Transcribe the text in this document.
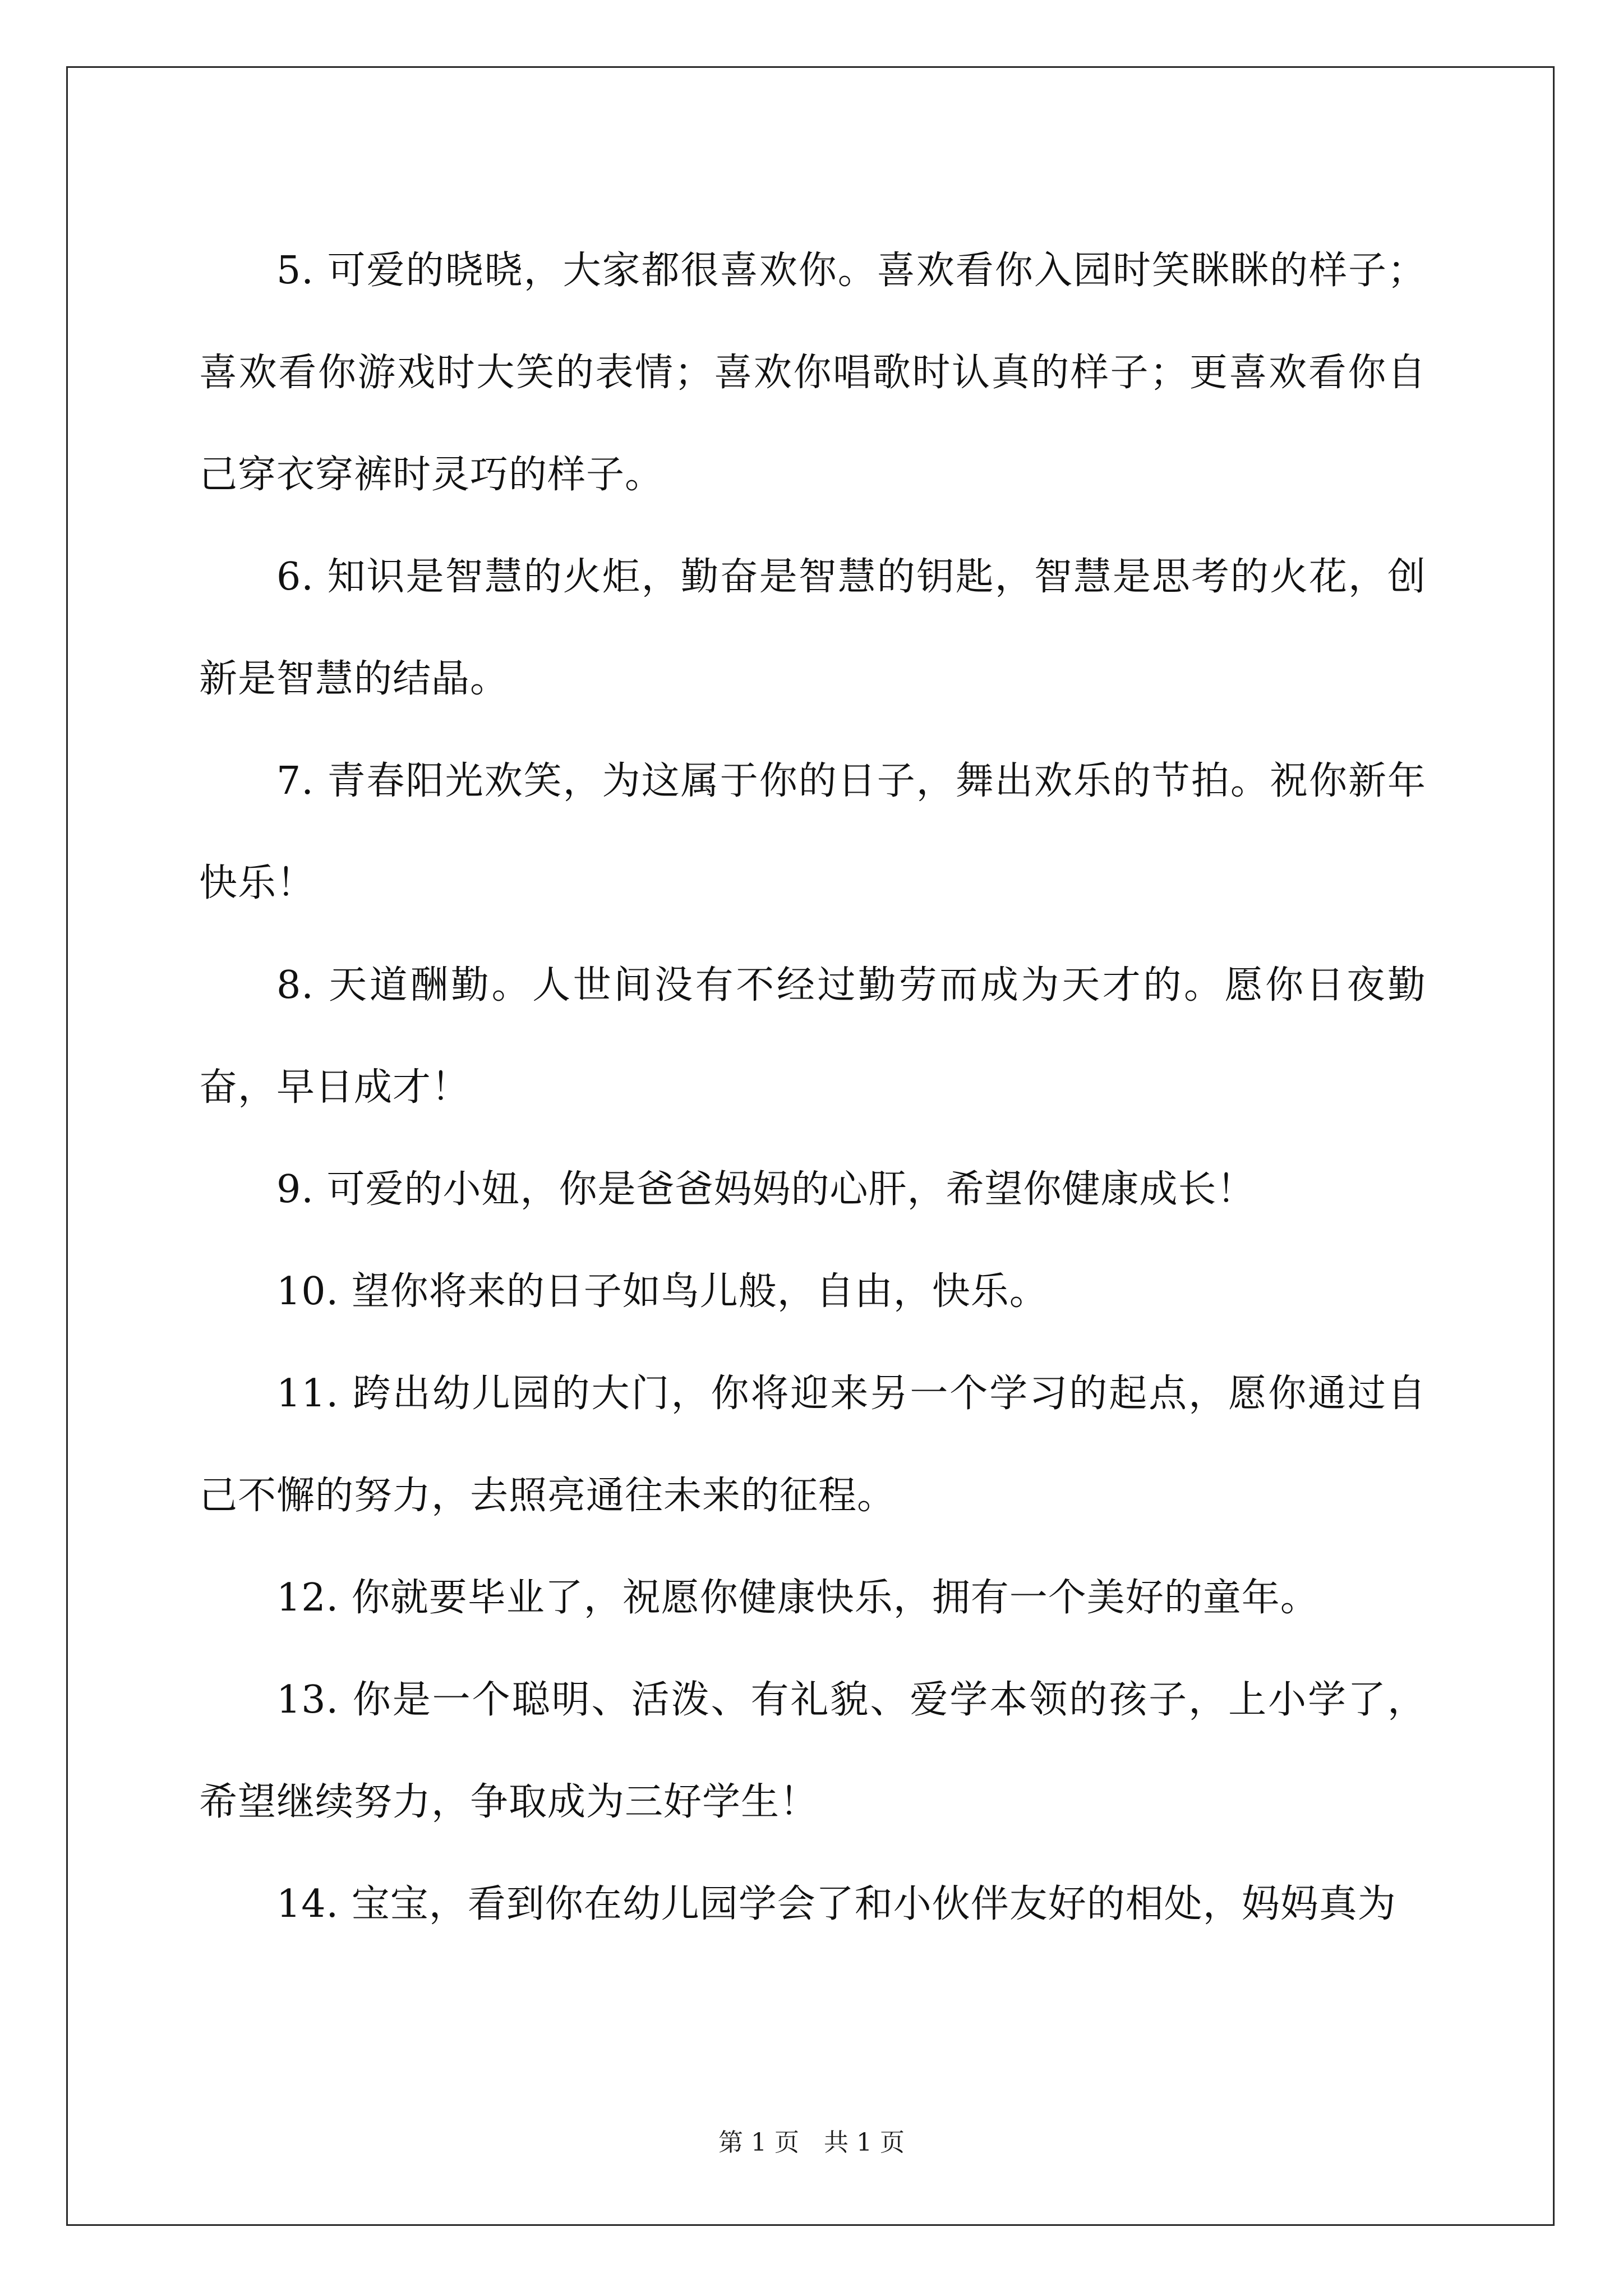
5. 可爱的晓晓，大家都很喜欢你。喜欢看你入园时笑眯眯的样子；喜欢看你游戏时大笑的表情；喜欢你唱歌时认真的样子；更喜欢看你自己穿衣穿裤时灵巧的样子。

6. 知识是智慧的火炬，勤奋是智慧的钥匙，智慧是思考的火花，创新是智慧的结晶。

7. 青春阳光欢笑，为这属于你的日子，舞出欢乐的节拍。祝你新年快乐！

8. 天道酬勤。人世间没有不经过勤劳而成为天才的。愿你日夜勤奋，早日成才！

9. 可爱的小妞，你是爸爸妈妈的心肝，希望你健康成长！

10. 望你将来的日子如鸟儿般，自由，快乐。

11. 跨出幼儿园的大门，你将迎来另一个学习的起点，愿你通过自己不懈的努力，去照亮通往未来的征程。

12. 你就要毕业了，祝愿你健康快乐，拥有一个美好的童年。

13. 你是一个聪明、活泼、有礼貌、爱学本领的孩子，上小学了，希望继续努力，争取成为三好学生！

14. 宝宝，看到你在幼儿园学会了和小伙伴友好的相处，妈妈真为

第 1 页　共 1 页
